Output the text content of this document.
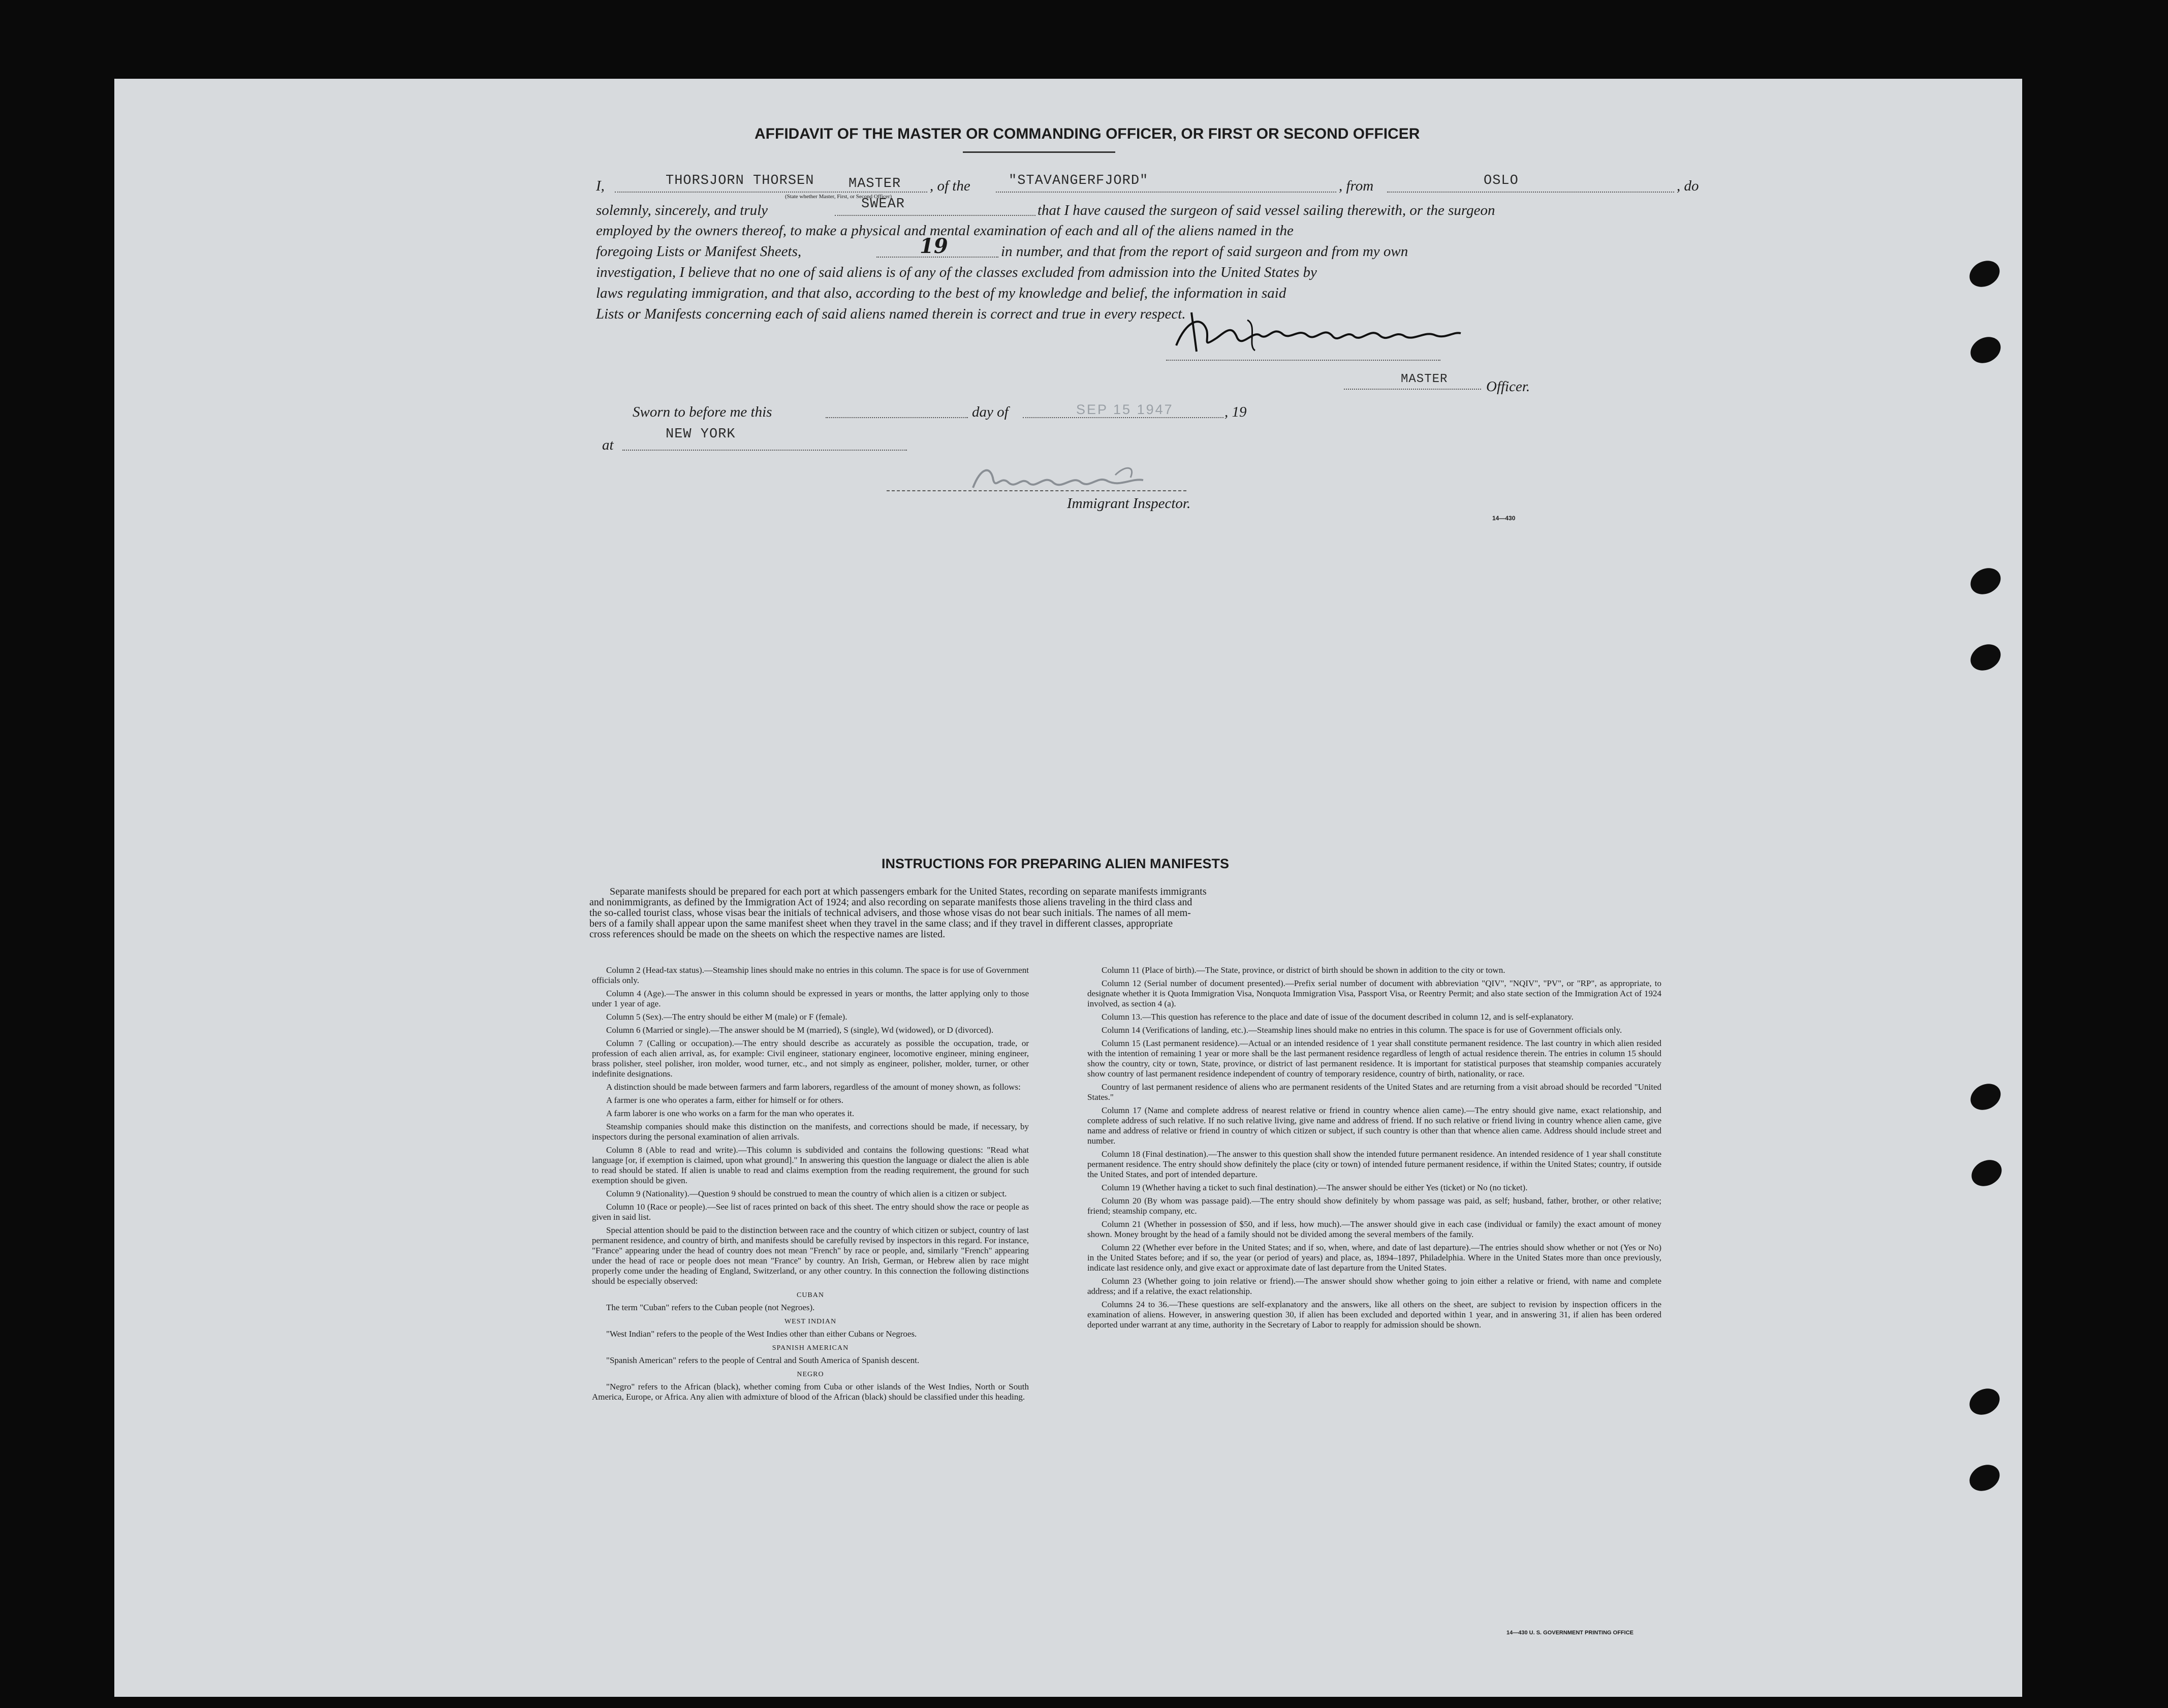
AFFIDAVIT OF THE MASTER OR COMMANDING OFFICER, OR FIRST OR SECOND OFFICER
I,	THORSJORN THORSEN	MASTER , of the	"STAVANGERFJORD"	, from	OSLO	, do
(State whether Master, First, or Second Officer)
solemnly, sincerely, and truly	SWEAR	that I have caused the surgeon of said vessel sailing therewith, or the surgeon
employed by the owners thereof, to make a physical and mental examination of each and all of the aliens named in the
foregoing Lists or Manifest Sheets,	19	in number, and that from the report of said surgeon and from my own
investigation, I believe that no one of said aliens is of any of the classes excluded from admission into the United States by
laws regulating immigration, and that also, according to the best of my knowledge and belief, the information in said
Lists or Manifests concerning each of said aliens named therein is correct and true in every respect.
MASTER	Officer.
Sworn to before me this	day of	SEP 15 1947	, 19
at
NEW YORK
Immigrant Inspector.
14—430
INSTRUCTIONS FOR PREPARING ALIEN MANIFESTS
Separate manifests should be prepared for each port at which passengers embark for the United States, recording on separate manifests immigrants
and nonimmigrants, as defined by the Immigration Act of 1924; and also recording on separate manifests those aliens traveling in the third class and
the so-called tourist class, whose visas bear the initials of technical advisers, and those whose visas do not bear such initials. The names of all mem-
bers of a family shall appear upon the same manifest sheet when they travel in the same class; and if they travel in different classes, appropriate
cross references should be made on the sheets on which the respective names are listed.

Column 2 (Head-tax status).—Steamship lines should make no entries in this column. The space is for use of Government officials only.

Column 4 (Age).—The answer in this column should be expressed in years or months, the latter applying only to those under 1 year of age.

Column 5 (Sex).—The entry should be either M (male) or F (female).

Column 6 (Married or single).—The answer should be M (married), S (single), Wd (widowed), or D (divorced).

Column 7 (Calling or occupation).—The entry should describe as accurately as possible the occupation, trade, or profession of each alien arrival, as, for example: Civil engineer, stationary engineer, locomotive engineer, mining engineer, brass polisher, steel polisher, iron molder, wood turner, etc., and not simply as engineer, polisher, molder, turner, or other indefinite designations.

A distinction should be made between farmers and farm laborers, regardless of the amount of money shown, as follows:

A farmer is one who operates a farm, either for himself or for others.

A farm laborer is one who works on a farm for the man who operates it.

Steamship companies should make this distinction on the manifests, and corrections should be made, if necessary, by inspectors during the personal examination of alien arrivals.

Column 8 (Able to read and write).—This column is subdivided and contains the following questions: "Read what language [or, if exemption is claimed, upon what ground]." In answering this question the language or dialect the alien is able to read should be stated. If alien is unable to read and claims exemption from the reading requirement, the ground for such exemption should be given.

Column 9 (Nationality).—Question 9 should be construed to mean the country of which alien is a citizen or subject.

Column 10 (Race or people).—See list of races printed on back of this sheet. The entry should show the race or people as given in said list.

Special attention should be paid to the distinction between race and the country of which citizen or subject, country of last permanent residence, and country of birth, and manifests should be carefully revised by inspectors in this regard. For instance, "France" appearing under the head of country does not mean "French" by race or people, and, similarly "French" appearing under the head of race or people does not mean "France" by country. An Irish, German, or Hebrew alien by race might properly come under the heading of England, Switzerland, or any other country. In this connection the following distinctions should be especially observed:

CUBAN

The term "Cuban" refers to the Cuban people (not Negroes).

WEST INDIAN

"West Indian" refers to the people of the West Indies other than either Cubans or Negroes.

SPANISH AMERICAN

"Spanish American" refers to the people of Central and South America of Spanish descent.

NEGRO

"Negro" refers to the African (black), whether coming from Cuba or other islands of the West Indies, North or South America, Europe, or Africa. Any alien with admixture of blood of the African (black) should be classified under this heading.

Column 11 (Place of birth).—The State, province, or district of birth should be shown in addition to the city or town.

Column 12 (Serial number of document presented).—Prefix serial number of document with abbreviation "QIV", "NQIV", "PV", or "RP", as appropriate, to designate whether it is Quota Immigration Visa, Nonquota Immigration Visa, Passport Visa, or Reentry Permit; and also state section of the Immigration Act of 1924 involved, as section 4 (a).

Column 13.—This question has reference to the place and date of issue of the document described in column 12, and is self-explanatory.

Column 14 (Verifications of landing, etc.).—Steamship lines should make no entries in this column. The space is for use of Government officials only.

Column 15 (Last permanent residence).—Actual or an intended residence of 1 year shall constitute permanent residence. The last country in which alien resided with the intention of remaining 1 year or more shall be the last permanent residence regardless of length of actual residence therein. The entries in column 15 should show the country, city or town, State, province, or district of last permanent residence. It is important for statistical purposes that steamship companies accurately show country of last permanent residence independent of country of temporary residence, country of birth, nationality, or race.

Country of last permanent residence of aliens who are permanent residents of the United States and are returning from a visit abroad should be recorded "United States."

Column 17 (Name and complete address of nearest relative or friend in country whence alien came).—The entry should give name, exact relationship, and complete address of such relative. If no such relative living, give name and address of friend. If no such relative or friend living in country whence alien came, give name and address of relative or friend in country of which citizen or subject, if such country is other than that whence alien came. Address should include street and number.

Column 18 (Final destination).—The answer to this question shall show the intended future permanent residence. An intended residence of 1 year shall constitute permanent residence. The entry should show definitely the place (city or town) of intended future permanent residence, if within the United States; country, if outside the United States, and port of intended departure.

Column 19 (Whether having a ticket to such final destination).—The answer should be either Yes (ticket) or No (no ticket).

Column 20 (By whom was passage paid).—The entry should show definitely by whom passage was paid, as self; husband, father, brother, or other relative; friend; steamship company, etc.

Column 21 (Whether in possession of $50, and if less, how much).—The answer should give in each case (individual or family) the exact amount of money shown. Money brought by the head of a family should not be divided among the several members of the family.

Column 22 (Whether ever before in the United States; and if so, when, where, and date of last departure).—The entries should show whether or not (Yes or No) in the United States before; and if so, the year (or period of years) and place, as, 1894–1897, Philadelphia. Where in the United States more than once previously, indicate last residence only, and give exact or approximate date of last departure from the United States.

Column 23 (Whether going to join relative or friend).—The answer should show whether going to join either a relative or friend, with name and complete address; and if a relative, the exact relationship.

Columns 24 to 36.—These questions are self-explanatory and the answers, like all others on the sheet, are subject to revision by inspection officers in the examination of aliens. However, in answering question 30, if alien has been excluded and deported within 1 year, and in answering 31, if alien has been ordered deported under warrant at any time, authority in the Secretary of Labor to reapply for admission should be shown.

14—430 U. S. GOVERNMENT PRINTING OFFICE
